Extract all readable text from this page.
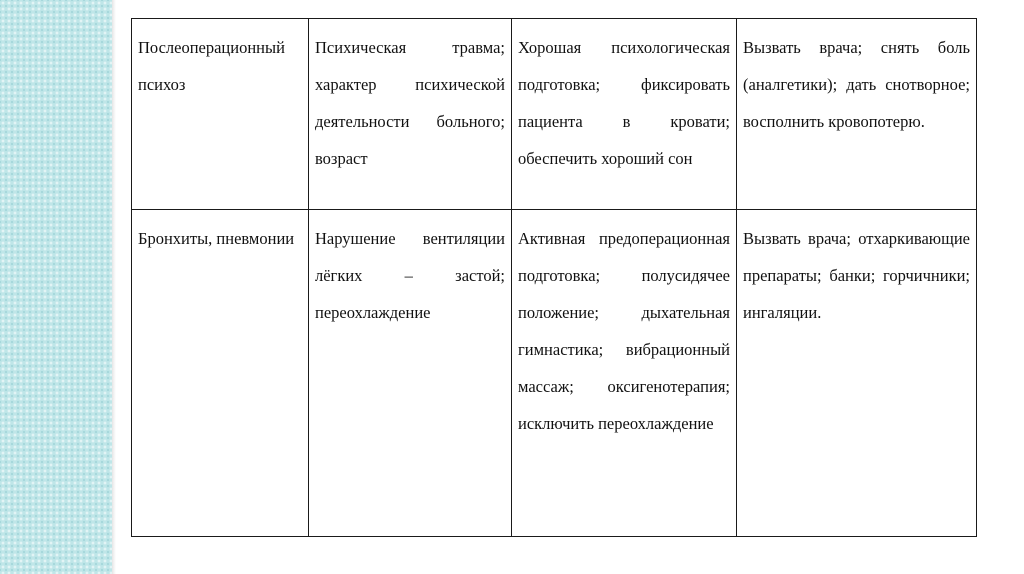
Послеоперационный психоз	Психическая травма; характер психической деятельности больного; возраст	Хорошая психологическая подготовка; фиксировать пациента в кровати; обеспечить хороший сон	Вызвать врача; снять боль (аналгетики); дать снотворное; восполнить кровопотерю.
Бронхиты, пневмонии	Нарушение вентиляции лёгких – застой; переохлаждение	Активная предоперационная подготовка; полусидячее положение; дыхательная гимнастика; вибрационный массаж; оксигенотерапия; исключить переохлаждение	Вызвать врача; отхаркивающие препараты; банки; горчичники; ингаляции.
